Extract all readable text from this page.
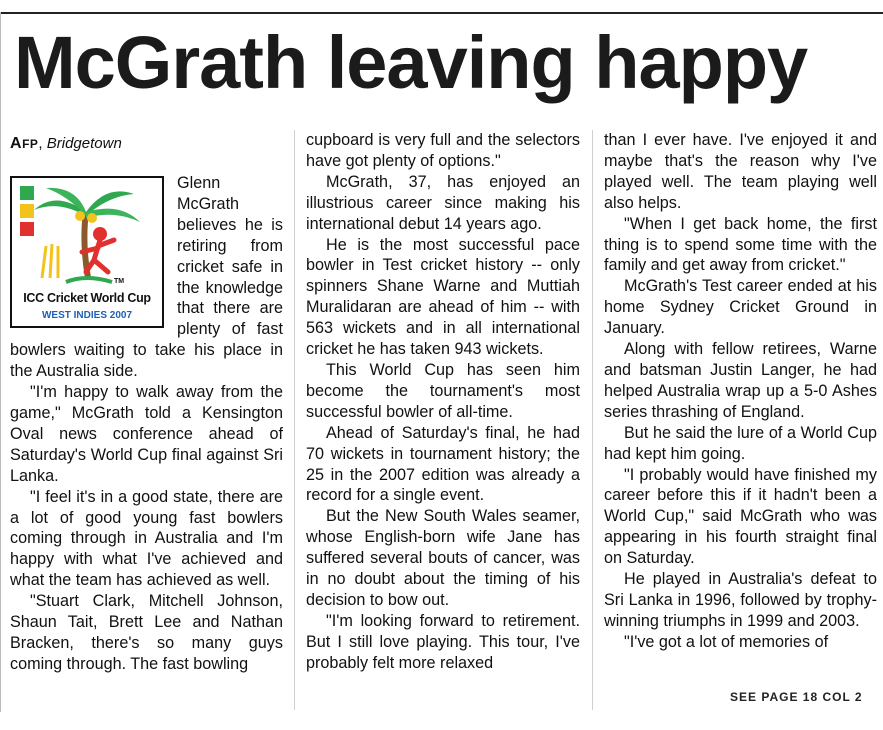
McGrath leaving happy

AFP, Bridgetown

TM
ICC Cricket World Cup
WEST INDIES 2007

Glenn McGrath believes he is retiring from cricket safe in the knowledge that there are plenty of fast bowlers waiting to take his place in the Australia side.

"I'm happy to walk away from the game," McGrath told a Kensington Oval news conference ahead of Saturday's World Cup final against Sri Lanka.

"I feel it's in a good state, there are a lot of good young fast bowlers coming through in Australia and I'm happy with what I've achieved and what the team has achieved as well.

"Stuart Clark, Mitchell Johnson, Shaun Tait, Brett Lee and Nathan Bracken, there's so many guys coming through. The fast bowling

cupboard is very full and the selectors have got plenty of options."

McGrath, 37, has enjoyed an illustrious career since making his international debut 14 years ago.

He is the most successful pace bowler in Test cricket history -- only spinners Shane Warne and Muttiah Muralidaran are ahead of him -- with 563 wickets and in all international cricket he has taken 943 wickets.

This World Cup has seen him become the tournament's most successful bowler of all-time.

Ahead of Saturday's final, he had 70 wickets in tournament history; the 25 in the 2007 edition was already a record for a single event.

But the New South Wales seamer, whose English-born wife Jane has suffered several bouts of cancer, was in no doubt about the timing of his decision to bow out.

"I'm looking forward to retirement. But I still love playing. This tour, I've probably felt more relaxed

than I ever have. I've enjoyed it and maybe that's the reason why I've played well. The team playing well also helps.

"When I get back home, the first thing is to spend some time with the family and get away from cricket."

McGrath's Test career ended at his home Sydney Cricket Ground in January.

Along with fellow retirees, Warne and batsman Justin Langer, he had helped Australia wrap up a 5-0 Ashes series thrashing of England.

But he said the lure of a World Cup had kept him going.

"I probably would have finished my career before this if it hadn't been a World Cup," said McGrath who was appearing in his fourth straight final on Saturday.

He played in Australia's defeat to Sri Lanka in 1996, followed by trophy-winning triumphs in 1999 and 2003.

"I've got a lot of memories of

SEE PAGE 18 COL 2
